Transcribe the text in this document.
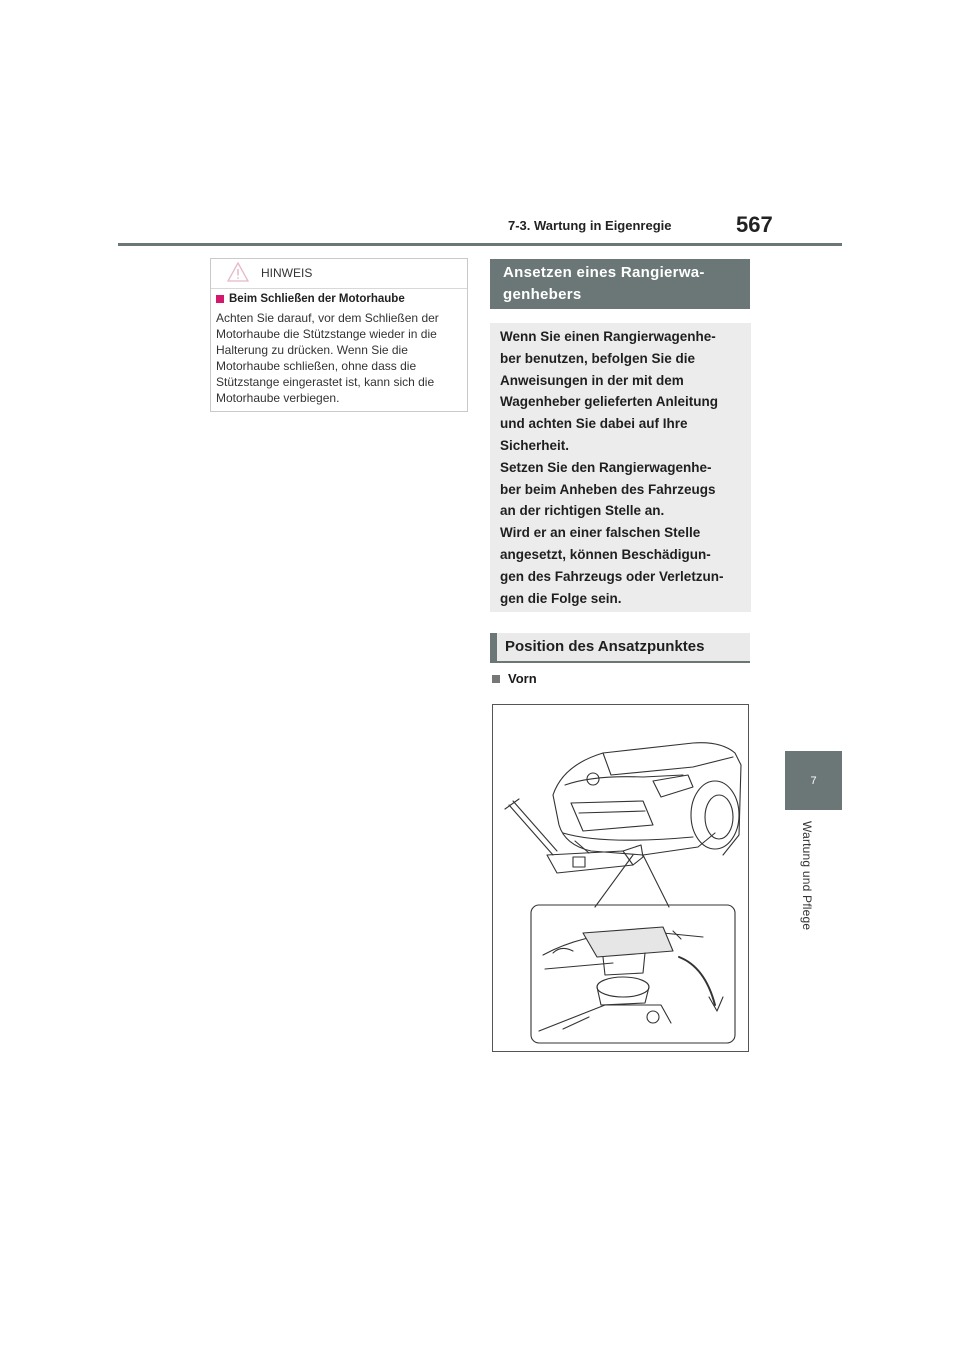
7-3. Wartung in Eigenregie	567
7
Wartung und Pflege
HINWEIS
Beim Schließen der Motorhaube
Achten Sie darauf, vor dem Schließen der Motorhaube die Stützstange wieder in die Halterung zu drücken. Wenn Sie die Motorhaube schließen, ohne dass die Stützstange eingerastet ist, kann sich die Motorhaube verbiegen.
Ansetzen eines Rangierwa-
genhebers

Wenn Sie einen Rangierwagenhe-

ber benutzen, befolgen Sie die

Anweisungen in der mit dem

Wagenheber gelieferten Anleitung

und achten Sie dabei auf Ihre

Sicherheit.

Setzen Sie den Rangierwagenhe-

ber beim Anheben des Fahrzeugs

an der richtigen Stelle an.

Wird er an einer falschen Stelle

angesetzt, können Beschädigun-

gen des Fahrzeugs oder Verletzun-

gen die Folge sein.

Position des Ansatzpunktes
Vorn
